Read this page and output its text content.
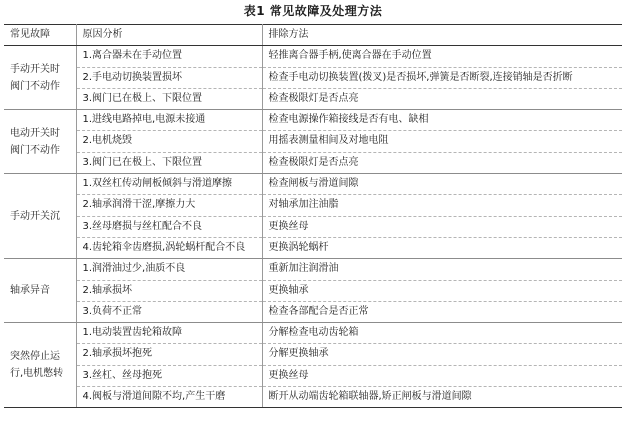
表1 常见故障及处理方法
常见故障	原因分析	排除方法
手动开关时阀门不动作	1.离合器未在手动位置	轻推离合器手柄,使离合器在手动位置
	2.手电动切换装置损坏	检查手电动切换装置(拨叉)是否损坏,弹簧是否断裂,连接销轴是否折断
	3.阀门已在极上、下限位置	检查极限灯是否点亮
电动开关时阀门不动作	1.进线电路掉电,电源未接通	检查电源操作箱接线是否有电、缺相
	2.电机烧毁	用摇表测量相间及对地电阻
	3.阀门已在极上、下限位置	检查极限灯是否点亮
手动开关沉	1.双丝杠传动闸板倾斜与滑道摩擦	检查闸板与滑道间隙
	2.轴承润滑干涩,摩擦力大	对轴承加注油脂
	3.丝母磨损与丝杠配合不良	更换丝母
	4.齿轮箱伞齿磨损,涡轮蜗杆配合不良	更换涡轮蜗杆
轴承异音	1.润滑油过少,油质不良	重新加注润滑油
	2.轴承损坏	更换轴承
	3.负荷不正常	检查各部配合是否正常
突然停止运行,电机憋转	1.电动装置齿轮箱故障	分解检查电动齿轮箱
	2.轴承损坏抱死	分解更换轴承
	3.丝杠、丝母抱死	更换丝母
	4.阀板与滑道间隙不均,产生干磨	断开从动端齿轮箱联轴器,矫正闸板与滑道间隙
